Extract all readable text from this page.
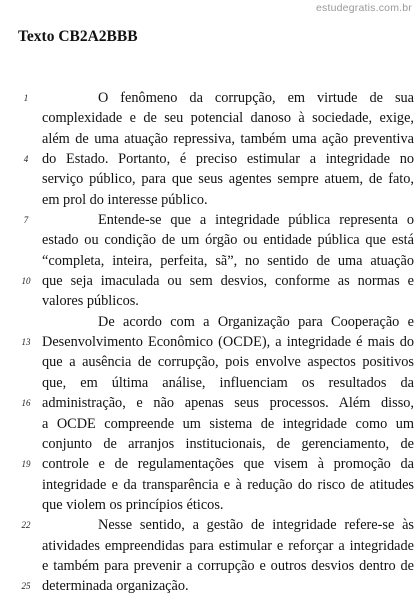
estudegratis.com.br
Texto CB2A2BBB
1	O fenômeno da corrupção, em virtude de sua
complexidade e de seu potencial danoso à sociedade, exige,
além de uma atuação repressiva, também uma ação preventiva
4 do Estado. Portanto, é preciso estimular a integridade no
serviço público, para que seus agentes sempre atuem, de fato,
em prol do interesse público.
7	Entende-se que a integridade pública representa o
estado ou condição de um órgão ou entidade pública que está
“completa, inteira, perfeita, sã”, no sentido de uma atuação
10 que seja imaculada ou sem desvios, conforme as normas e
valores públicos.
De acordo com a Organização para Cooperação e
13 Desenvolvimento Econômico (OCDE), a integridade é mais do
que a ausência de corrupção, pois envolve aspectos positivos
que, em última análise, influenciam os resultados da
16 administração, e não apenas seus processos. Além disso,
a OCDE compreende um sistema de integridade como um
conjunto de arranjos institucionais, de gerenciamento, de
19 controle e de regulamentações que visem à promoção da
integridade e da transparência e à redução do risco de atitudes
que violem os princípios éticos.
22	Nesse sentido, a gestão de integridade refere-se às
atividades empreendidas para estimular e reforçar a integridade
e também para prevenir a corrupção e outros desvios dentro de
25 determinada organização.
